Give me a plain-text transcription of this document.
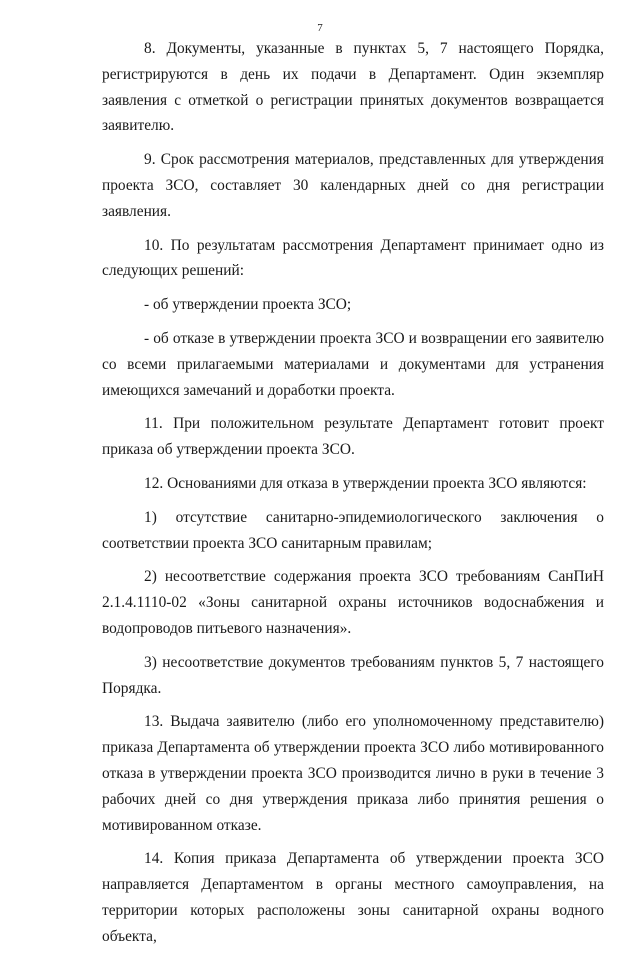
7

8. Документы, указанные в пунктах 5, 7 настоящего Порядка, регистрируются в день их подачи в Департамент. Один экземпляр заявления с отметкой о регистрации принятых документов возвращается заявителю.

9. Срок рассмотрения материалов, представленных для утверждения проекта ЗСО, составляет 30 календарных дней со дня регистрации заявления.

10. По результатам рассмотрения Департамент принимает одно из следующих решений:

- об утверждении проекта ЗСО;

- об отказе в утверждении проекта ЗСО и возвращении его заявителю со всеми прилагаемыми материалами и документами для устранения имеющихся замечаний и доработки проекта.

11. При положительном результате Департамент готовит проект приказа об утверждении проекта ЗСО.

12. Основаниями для отказа в утверждении проекта ЗСО являются:

1) отсутствие санитарно-эпидемиологического заключения о соответствии проекта ЗСО санитарным правилам;

2) несоответствие содержания проекта ЗСО требованиям СанПиН 2.1.4.1110-02 «Зоны санитарной охраны источников водоснабжения и водопроводов питьевого назначения».

3) несоответствие документов требованиям пунктов 5, 7 настоящего Порядка.

13. Выдача заявителю (либо его уполномоченному представителю) приказа Департамента об утверждении проекта ЗСО либо мотивированного отказа в утверждении проекта ЗСО производится лично в руки в течение 3 рабочих дней со дня утверждения приказа либо принятия решения о мотивированном отказе.

14. Копия приказа Департамента об утверждении проекта ЗСО направляется Департаментом в органы местного самоуправления, на территории которых расположены зоны санитарной охраны водного объекта,
